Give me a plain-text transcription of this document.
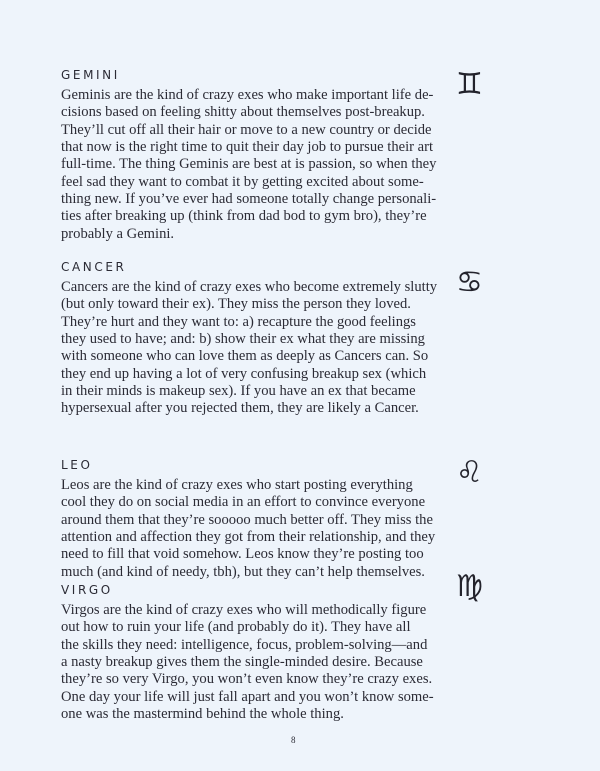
GEMINI
Geminis are the kind of crazy exes who make important life de-
cisions based on feeling shitty about themselves post-breakup.
They’ll cut off all their hair or move to a new country or decide
that now is the right time to quit their day job to pursue their art
full-time. The thing Geminis are best at is passion, so when they
feel sad they want to combat it by getting excited about some-
thing new. If you’ve ever had someone totally change personali-
ties after breaking up (think from dad bod to gym bro), they’re
probably a Gemini.
♊︎
CANCER
Cancers are the kind of crazy exes who become extremely slutty
(but only toward their ex). They miss the person they loved.
They’re hurt and they want to: a) recapture the good feelings
they used to have; and: b) show their ex what they are missing
with someone who can love them as deeply as Cancers can. So
they end up having a lot of very confusing breakup sex (which
in their minds is makeup sex). If you have an ex that became
hypersexual after you rejected them, they are likely a Cancer.
♋︎
LEO
Leos are the kind of crazy exes who start posting everything
cool they do on social media in an effort to convince everyone
around them that they’re sooooo much better off. They miss the
attention and affection they got from their relationship, and they
need to fill that void somehow. Leos know they’re posting too
much (and kind of needy, tbh), but they can’t help themselves.
♌︎
VIRGO
Virgos are the kind of crazy exes who will methodically figure
out how to ruin your life (and probably do it). They have all
the skills they need: intelligence, focus, problem-solving—and
a nasty breakup gives them the single-minded desire. Because
they’re so very Virgo, you won’t even know they’re crazy exes.
One day your life will just fall apart and you won’t know some-
one was the mastermind behind the whole thing.
♍︎
8
